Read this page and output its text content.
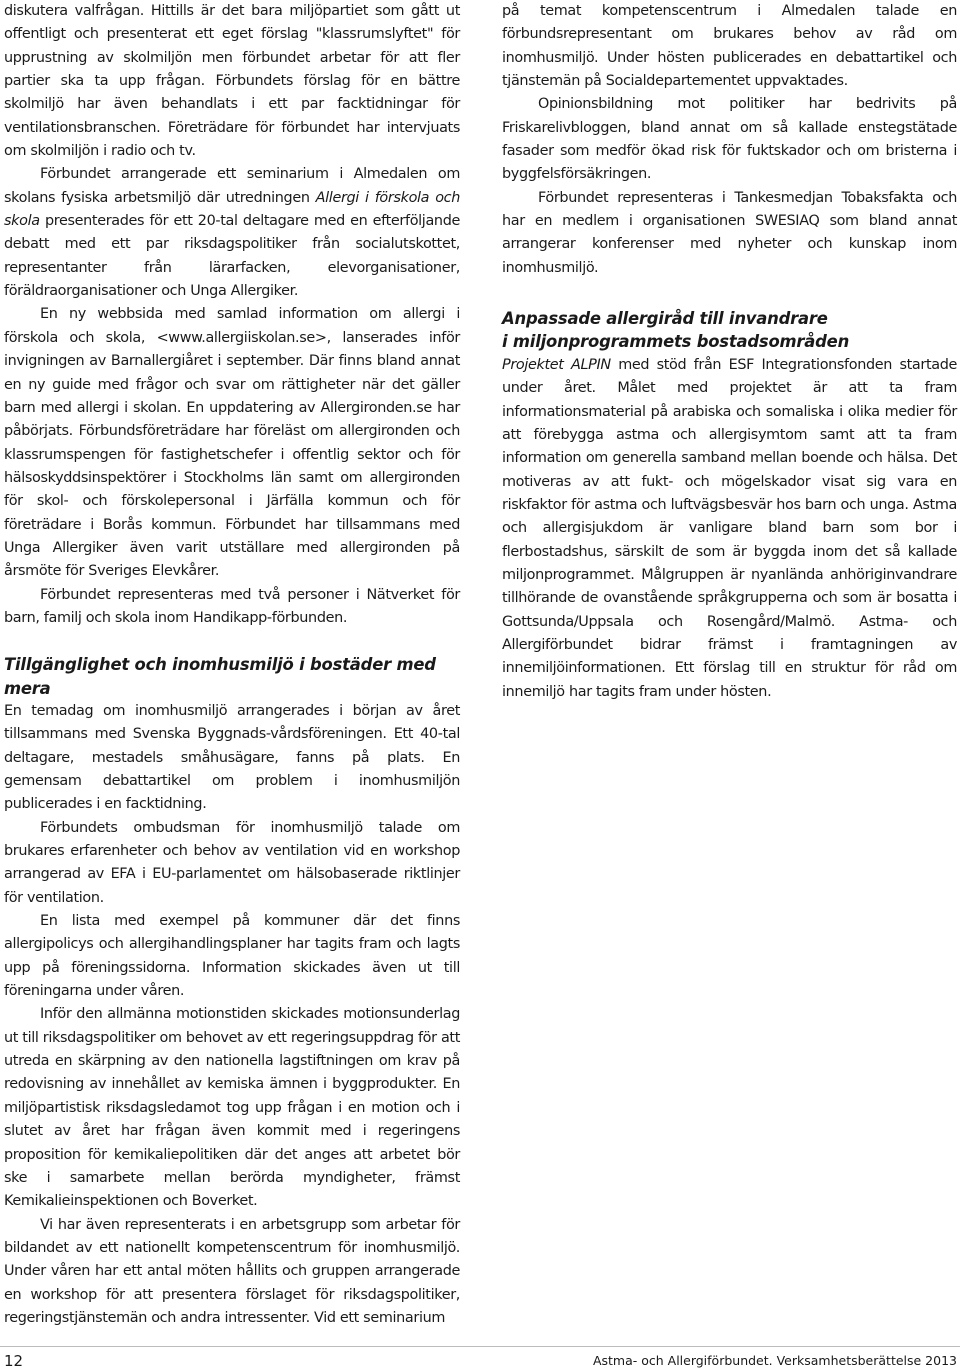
diskutera valfrågan. Hittills är det bara miljöpartiet som gått ut offentligt och presenterat ett eget förslag "klassrumslyftet" för upprustning av skolmiljön men förbundet arbetar för att fler partier ska ta upp frågan. Förbundets förslag för en bättre skolmiljö har även behandlats i ett par facktidningar för ventilationsbranschen. Företrädare för förbundet har intervjuats om skolmiljön i radio och tv.

Förbundet arrangerade ett seminarium i Almedalen om skolans fysiska arbetsmiljö där utredningen Allergi i förskola och skola presenterades för ett 20-tal deltagare med en efterföljande debatt med ett par riksdagspolitiker från socialutskottet, representanter från lärarfacken, elevorganisationer, föräldraorganisationer och Unga Allergiker.

En ny webbsida med samlad information om allergi i förskola och skola, <www.allergiiskolan.se>, lanserades inför invigningen av Barnallergiåret i september. Där finns bland annat en ny guide med frågor och svar om rättigheter när det gäller barn med allergi i skolan. En uppdatering av Allergironden.se har påbörjats. Förbundsföreträdare har föreläst om allergironden och klassrumspengen för fastighetschefer i offentlig sektor och för hälsoskyddsinspektörer i Stockholms län samt om allergironden för skol- och förskolepersonal i Järfälla kommun och för företrädare i Borås kommun. Förbundet har tillsammans med Unga Allergiker även varit utställare med allergironden på årsmöte för Sveriges Elevkårer.

Förbundet representeras med två personer i Nätverket för barn, familj och skola inom Handikapp-förbunden.

Tillgänglighet och inomhusmiljö i bostäder med mera

En temadag om inomhusmiljö arrangerades i början av året tillsammans med Svenska Byggnads-vårdsföreningen. Ett 40-tal deltagare, mestadels småhusägare, fanns på plats. En gemensam debattartikel om problem i inomhusmiljön publicerades i en facktidning.

Förbundets ombudsman för inomhusmiljö talade om brukares erfarenheter och behov av ventilation vid en workshop arrangerad av EFA i EU-parlamentet om hälsobaserade riktlinjer för ventilation.

En lista med exempel på kommuner där det finns allergipolicys och allergihandlingsplaner har tagits fram och lagts upp på föreningssidorna. Information skickades även ut till föreningarna under våren.

Inför den allmänna motionstiden skickades motionsunderlag ut till riksdagspolitiker om behovet av ett regeringsuppdrag för att utreda en skärpning av den nationella lagstiftningen om krav på redovisning av innehållet av kemiska ämnen i byggprodukter. En miljöpartistisk riksdagsledamot tog upp frågan i en motion och i slutet av året har frågan även kommit med i regeringens proposition för kemikaliepolitiken där det anges att arbetet bör ske i samarbete mellan berörda myndigheter, främst Kemikalieinspektionen och Boverket.

Vi har även representerats i en arbetsgrupp som arbetar för bildandet av ett nationellt kompetenscentrum för inomhusmiljö. Under våren har ett antal möten hållits och gruppen arrangerade en workshop för att presentera förslaget för riksdagspolitiker, regeringstjänstemän och andra intressenter. Vid ett seminarium

på temat kompetenscentrum i Almedalen talade en förbundsrepresentant om brukares behov av råd om inomhusmiljö. Under hösten publicerades en debattartikel och tjänstemän på Socialdepartementet uppvaktades.

Opinionsbildning mot politiker har bedrivits på Friskarelivbloggen, bland annat om så kallade enstegstätade fasader som medför ökad risk för fuktskador och om bristerna i byggfelsförsäkringen.

Förbundet representeras i Tankesmedjan Tobaksfakta och har en medlem i organisationen SWESIAQ som bland annat arrangerar konferenser med nyheter och kunskap inom inomhusmiljö.

Anpassade allergiråd till invandrare
i miljonprogrammets bostadsområden

Projektet ALPIN med stöd från ESF Integrationsfonden startade under året. Målet med projektet är att ta fram informationsmaterial på arabiska och somaliska i olika medier för att förebygga astma och allergisymtom samt att ta fram information om generella samband mellan boende och hälsa. Det motiveras av att fukt- och mögelskador visat sig vara en riskfaktor för astma och luftvägsbesvär hos barn och unga. Astma och allergisjukdom är vanligare bland barn som bor i flerbostadshus, särskilt de som är byggda inom det så kallade miljonprogrammet. Målgruppen är nyanlända anhöriginvandrare tillhörande de ovanstående språkgrupperna och som är bosatta i Gottsunda/Uppsala och Rosengård/Malmö. Astma- och Allergiförbundet bidrar främst i framtagningen av innemiljöinformationen. Ett förslag till en struktur för råd om innemiljö har tagits fram under hösten.

12	Astma- och Allergiförbundet. Verksamhetsberättelse 2013
